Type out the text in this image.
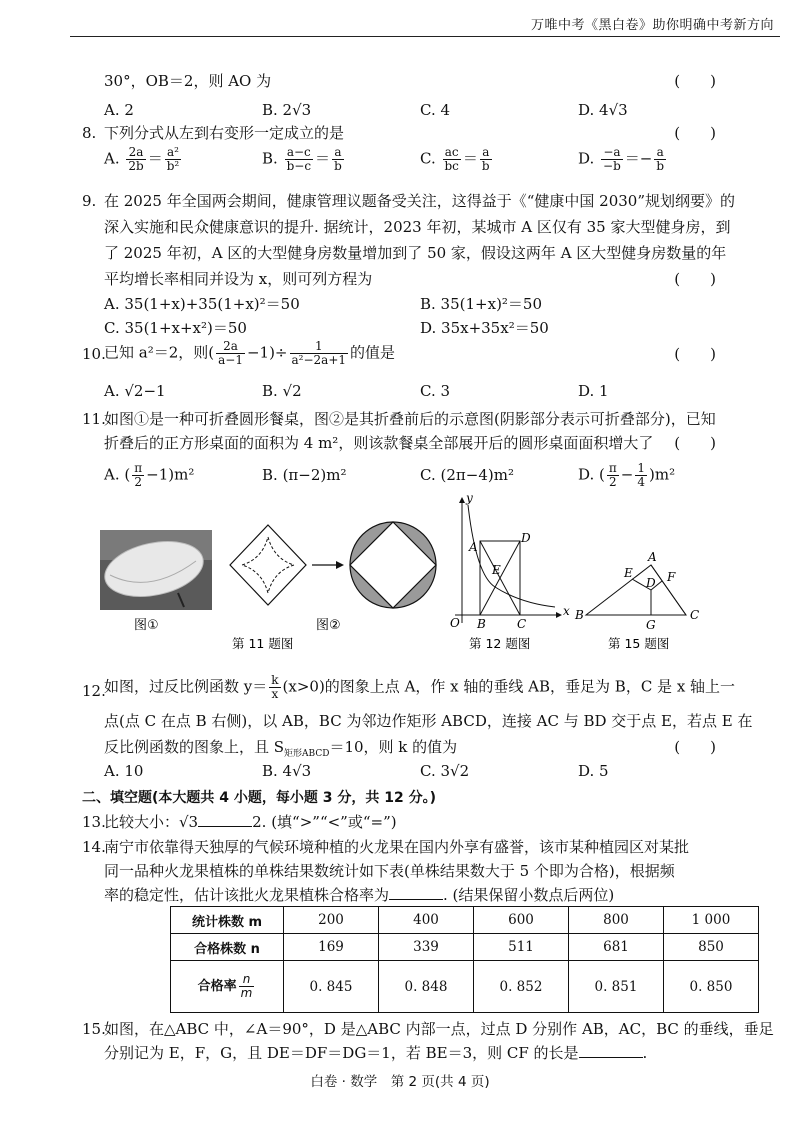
万唯中考《黑白卷》助你明确中考新方向
30°，OB＝2，则 AO 为	(　　)
A. 2	B. 2√3	C. 4	D. 4√3
8. 下列分式从左到右变形一定成立的是	(　　)
A. $\frac{2a}{2b} = \frac{\text{a²}}{\text{b²}}$	B. $\frac{a-c}{b-c} = \frac{a}{b}$	C. $\frac{ac}{bc} = \frac{a}{b}$	D. $\frac{-a}{-b} =- \frac{a}{b}$
9. 在 2025 年全国两会期间，健康管理议题备受关注，这得益于《“健康中国 2030”规划纲要》的
深入实施和民众健康意识的提升. 据统计，2023 年初，某城市 A 区仅有 35 家大型健身房，到
了 2025 年初，A 区的大型健身房数量增加到了 50 家，假设这两年 A 区大型健身房数量的年
平均增长率相同并设为 x，则可列方程为	(　　)
A. 35(1+x)+35(1+x)²＝50	B. 35(1+x)²＝50
C. 35(1+x+x²)＝50	D. 35x+35x²＝50
10.
已知 a²＝2，则( $\frac{2a}{a-1} -1)\div \frac{1}{\text{a²−2a+1}}$ 的值是	(　　)
A. √2−1	B. √2	C. 3	D. 1
11.
如图①是一种可折叠圆形餐桌，图②是其折叠前后的示意图(阴影部分表示可折叠部分)，已知
折叠后的正方形桌面的面积为 4 m²，则该款餐桌全部展开后的圆形桌面面积增大了 (　　)
A. ( $\frac{\pi}{2} -1)m^2$	B. (π−2)m²	C. (2π−4)m²	D. ( $\frac{\pi}{2} - \frac{1}{4} )m^2$
图①	图②
第 11 题图
y
x
O
A
B	C
D
E
第 12 题图
A
B	C
D
E	F
G
第 15 题图
12.
如图，过反比例函数 $y= \frac{k}{x} (x>0)$的图象上点 A，作 x 轴的垂线 AB，垂足为 B，C 是 x 轴上一
点(点 C 在点 B 右侧)，以 AB，BC 为邻边作矩形 ABCD，连接 AC 与 BD 交于点 E，若点 E 在
反比例函数的图象上，且 $S_{矩形ABCD}=10$，则 k 的值为	(　　)
A. 10	B. 4√3	C. 3√2	D. 5
二、填空题(本大题共 4 小题，每小题 3 分，共 12 分。)
13.
比较大小：√3	2. (填“>”“<”或“=”)
14.
南宁市依靠得天独厚的气候环境种植的火龙果在国内外享有盛誉，该市某种植园区对某批
同一品种火龙果植株的单株结果数统计如下表(单株结果数大于 5 个即为合格)，根据频
率的稳定性，估计该批火龙果植株合格率为	. (结果保留小数点后两位)
统计株数 m	200	400	600	800	1 000
合格株数 n	169	339	511	681	850
合格率 $\frac{n}{m}$	0. 845	0. 848	0. 852	0. 851	0. 850
15.
如图，在△ABC 中，∠A＝90°，D 是△ABC 内部一点，过点 D 分别作 AB，AC，BC 的垂线，垂足
分别记为 E，F，G，且 DE＝DF＝DG＝1，若 BE＝3，则 CF 的长是	.
白卷 · 数学　第 2 页(共 4 页)
